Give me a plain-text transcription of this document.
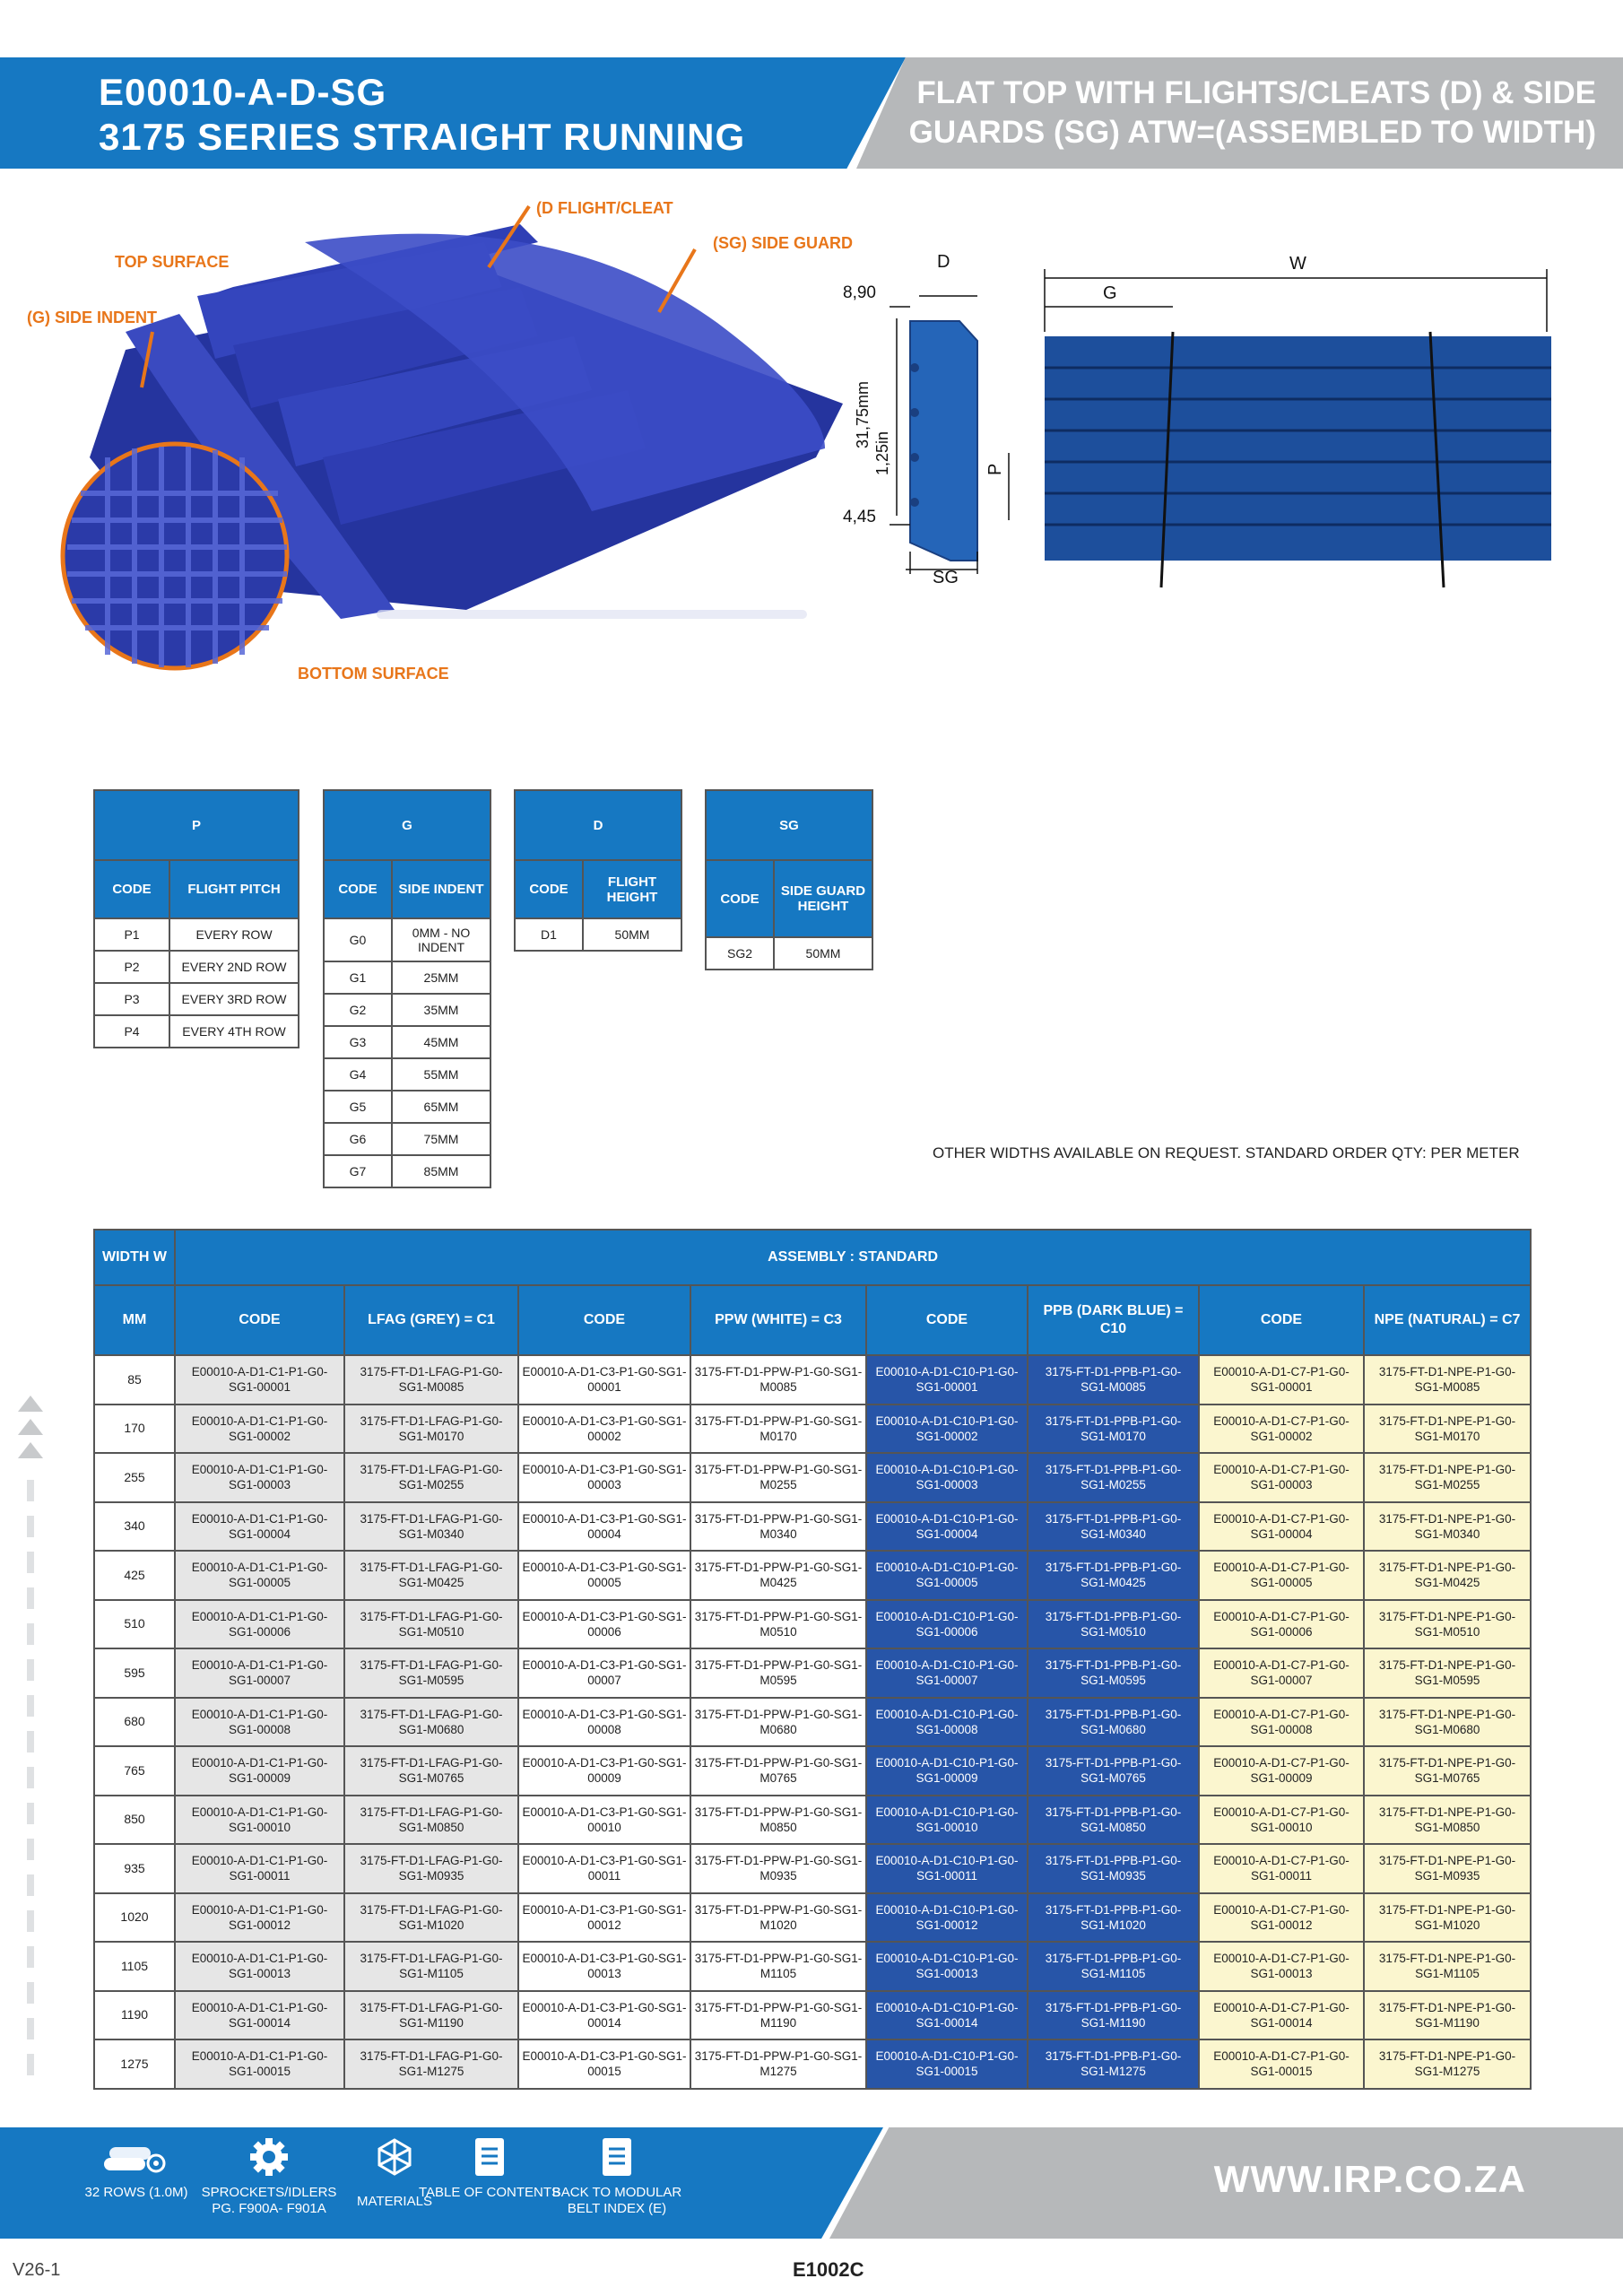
E00010-A-D-SG
3175 SERIES STRAIGHT RUNNING
FLAT TOP WITH FLIGHTS/CLEATS (D) & SIDE
GUARDS (SG) ATW=(ASSEMBLED TO WIDTH)
(D FLIGHT/CLEAT
(SG) SIDE GUARD
TOP SURFACE
(G) SIDE INDENT
BOTTOM SURFACE
D
8,90
31,75mm
1,25in
4,45
SG
P
W
G
P	
CODE	FLIGHT PITCH
P1	EVERY ROW
P2	EVERY 2ND ROW
P3	EVERY 3RD ROW
P4	EVERY 4TH ROW
G	
CODE	SIDE INDENT
G0	0MM - NO INDENT
G1	25MM
G2	35MM
G3	45MM
G4	55MM
G5	65MM
G6	75MM
G7	85MM
D	
CODE	FLIGHT HEIGHT
D1	50MM
SG	
CODE	SIDE GUARD HEIGHT
SG2	50MM
OTHER WIDTHS AVAILABLE ON REQUEST. STANDARD ORDER QTY: PER METER
WIDTH W	ASSEMBLY : STANDARD							
MM	CODE	LFAG (GREY) = C1	CODE	PPW (WHITE) = C3	CODE	PPB (DARK BLUE) = C10	CODE	NPE (NATURAL) = C7
85	E00010-A-D1-C1-P1-G0-SG1-00001	3175-FT-D1-LFAG-P1-G0-SG1-M0085	E00010-A-D1-C3-P1-G0-SG1-00001	3175-FT-D1-PPW-P1-G0-SG1-M0085	E00010-A-D1-C10-P1-G0-SG1-00001	3175-FT-D1-PPB-P1-G0-SG1-M0085	E00010-A-D1-C7-P1-G0-SG1-00001	3175-FT-D1-NPE-P1-G0-SG1-M0085
170	E00010-A-D1-C1-P1-G0-SG1-00002	3175-FT-D1-LFAG-P1-G0-SG1-M0170	E00010-A-D1-C3-P1-G0-SG1-00002	3175-FT-D1-PPW-P1-G0-SG1-M0170	E00010-A-D1-C10-P1-G0-SG1-00002	3175-FT-D1-PPB-P1-G0-SG1-M0170	E00010-A-D1-C7-P1-G0-SG1-00002	3175-FT-D1-NPE-P1-G0-SG1-M0170
255	E00010-A-D1-C1-P1-G0-SG1-00003	3175-FT-D1-LFAG-P1-G0-SG1-M0255	E00010-A-D1-C3-P1-G0-SG1-00003	3175-FT-D1-PPW-P1-G0-SG1-M0255	E00010-A-D1-C10-P1-G0-SG1-00003	3175-FT-D1-PPB-P1-G0-SG1-M0255	E00010-A-D1-C7-P1-G0-SG1-00003	3175-FT-D1-NPE-P1-G0-SG1-M0255
340	E00010-A-D1-C1-P1-G0-SG1-00004	3175-FT-D1-LFAG-P1-G0-SG1-M0340	E00010-A-D1-C3-P1-G0-SG1-00004	3175-FT-D1-PPW-P1-G0-SG1-M0340	E00010-A-D1-C10-P1-G0-SG1-00004	3175-FT-D1-PPB-P1-G0-SG1-M0340	E00010-A-D1-C7-P1-G0-SG1-00004	3175-FT-D1-NPE-P1-G0-SG1-M0340
425	E00010-A-D1-C1-P1-G0-SG1-00005	3175-FT-D1-LFAG-P1-G0-SG1-M0425	E00010-A-D1-C3-P1-G0-SG1-00005	3175-FT-D1-PPW-P1-G0-SG1-M0425	E00010-A-D1-C10-P1-G0-SG1-00005	3175-FT-D1-PPB-P1-G0-SG1-M0425	E00010-A-D1-C7-P1-G0-SG1-00005	3175-FT-D1-NPE-P1-G0-SG1-M0425
510	E00010-A-D1-C1-P1-G0-SG1-00006	3175-FT-D1-LFAG-P1-G0-SG1-M0510	E00010-A-D1-C3-P1-G0-SG1-00006	3175-FT-D1-PPW-P1-G0-SG1-M0510	E00010-A-D1-C10-P1-G0-SG1-00006	3175-FT-D1-PPB-P1-G0-SG1-M0510	E00010-A-D1-C7-P1-G0-SG1-00006	3175-FT-D1-NPE-P1-G0-SG1-M0510
595	E00010-A-D1-C1-P1-G0-SG1-00007	3175-FT-D1-LFAG-P1-G0-SG1-M0595	E00010-A-D1-C3-P1-G0-SG1-00007	3175-FT-D1-PPW-P1-G0-SG1-M0595	E00010-A-D1-C10-P1-G0-SG1-00007	3175-FT-D1-PPB-P1-G0-SG1-M0595	E00010-A-D1-C7-P1-G0-SG1-00007	3175-FT-D1-NPE-P1-G0-SG1-M0595
680	E00010-A-D1-C1-P1-G0-SG1-00008	3175-FT-D1-LFAG-P1-G0-SG1-M0680	E00010-A-D1-C3-P1-G0-SG1-00008	3175-FT-D1-PPW-P1-G0-SG1-M0680	E00010-A-D1-C10-P1-G0-SG1-00008	3175-FT-D1-PPB-P1-G0-SG1-M0680	E00010-A-D1-C7-P1-G0-SG1-00008	3175-FT-D1-NPE-P1-G0-SG1-M0680
765	E00010-A-D1-C1-P1-G0-SG1-00009	3175-FT-D1-LFAG-P1-G0-SG1-M0765	E00010-A-D1-C3-P1-G0-SG1-00009	3175-FT-D1-PPW-P1-G0-SG1-M0765	E00010-A-D1-C10-P1-G0-SG1-00009	3175-FT-D1-PPB-P1-G0-SG1-M0765	E00010-A-D1-C7-P1-G0-SG1-00009	3175-FT-D1-NPE-P1-G0-SG1-M0765
850	E00010-A-D1-C1-P1-G0-SG1-00010	3175-FT-D1-LFAG-P1-G0-SG1-M0850	E00010-A-D1-C3-P1-G0-SG1-00010	3175-FT-D1-PPW-P1-G0-SG1-M0850	E00010-A-D1-C10-P1-G0-SG1-00010	3175-FT-D1-PPB-P1-G0-SG1-M0850	E00010-A-D1-C7-P1-G0-SG1-00010	3175-FT-D1-NPE-P1-G0-SG1-M0850
935	E00010-A-D1-C1-P1-G0-SG1-00011	3175-FT-D1-LFAG-P1-G0-SG1-M0935	E00010-A-D1-C3-P1-G0-SG1-00011	3175-FT-D1-PPW-P1-G0-SG1-M0935	E00010-A-D1-C10-P1-G0-SG1-00011	3175-FT-D1-PPB-P1-G0-SG1-M0935	E00010-A-D1-C7-P1-G0-SG1-00011	3175-FT-D1-NPE-P1-G0-SG1-M0935
1020	E00010-A-D1-C1-P1-G0-SG1-00012	3175-FT-D1-LFAG-P1-G0-SG1-M1020	E00010-A-D1-C3-P1-G0-SG1-00012	3175-FT-D1-PPW-P1-G0-SG1-M1020	E00010-A-D1-C10-P1-G0-SG1-00012	3175-FT-D1-PPB-P1-G0-SG1-M1020	E00010-A-D1-C7-P1-G0-SG1-00012	3175-FT-D1-NPE-P1-G0-SG1-M1020
1105	E00010-A-D1-C1-P1-G0-SG1-00013	3175-FT-D1-LFAG-P1-G0-SG1-M1105	E00010-A-D1-C3-P1-G0-SG1-00013	3175-FT-D1-PPW-P1-G0-SG1-M1105	E00010-A-D1-C10-P1-G0-SG1-00013	3175-FT-D1-PPB-P1-G0-SG1-M1105	E00010-A-D1-C7-P1-G0-SG1-00013	3175-FT-D1-NPE-P1-G0-SG1-M1105
1190	E00010-A-D1-C1-P1-G0-SG1-00014	3175-FT-D1-LFAG-P1-G0-SG1-M1190	E00010-A-D1-C3-P1-G0-SG1-00014	3175-FT-D1-PPW-P1-G0-SG1-M1190	E00010-A-D1-C10-P1-G0-SG1-00014	3175-FT-D1-PPB-P1-G0-SG1-M1190	E00010-A-D1-C7-P1-G0-SG1-00014	3175-FT-D1-NPE-P1-G0-SG1-M1190
1275	E00010-A-D1-C1-P1-G0-SG1-00015	3175-FT-D1-LFAG-P1-G0-SG1-M1275	E00010-A-D1-C3-P1-G0-SG1-00015	3175-FT-D1-PPW-P1-G0-SG1-M1275	E00010-A-D1-C10-P1-G0-SG1-00015	3175-FT-D1-PPB-P1-G0-SG1-M1275	E00010-A-D1-C7-P1-G0-SG1-00015	3175-FT-D1-NPE-P1-G0-SG1-M1275
32 ROWS (1.0M)	SPROCKETS/IDLERS PG. F900A- F901A	MATERIALS
TABLE OF CONTENTS
BACK TO MODULAR BELT INDEX (E)
WWW.IRP.CO.ZA
V26-1	E1002C
